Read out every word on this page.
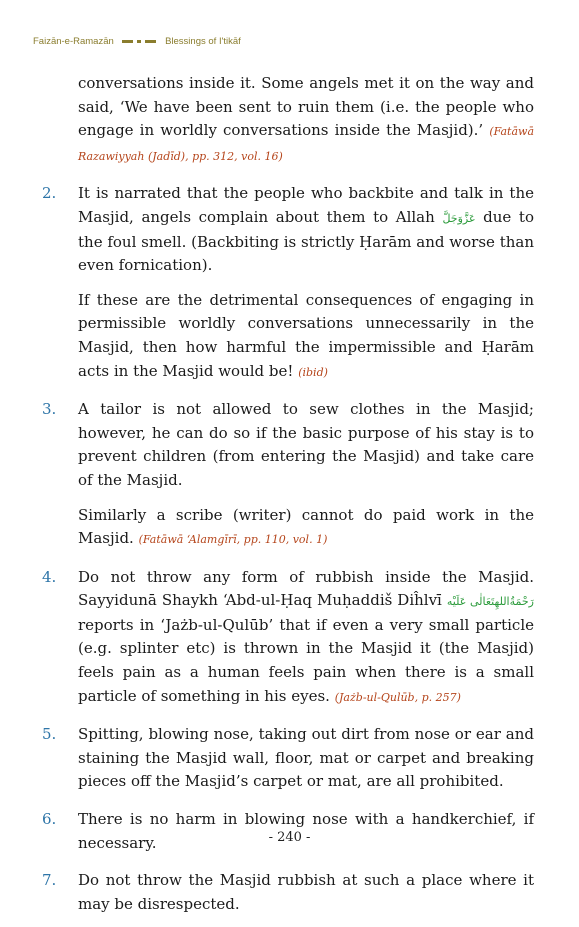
Faizān-e-Ramazān	Blessings of I'tikāf

conversations inside it. Some angels met it on the way and said, ‘We have been sent to ruin them (i.e. the people who engage in worldly conversations inside the Masjid).’ (Fatāwā Razawiyyah (Jadīd), pp. 312, vol. 16)

2. It is narrated that the people who backbite and talk in the Masjid, angels complain about them to Allah عَزَّوَجَلَّ due to the foul smell. (Backbiting is strictly Ḥarām and worse than even fornication).

If these are the detrimental consequences of engaging in permissible worldly conversations unnecessarily in the Masjid, then how harmful the impermissible and Ḥarām acts in the Masjid would be! (ibid)

3. A tailor is not allowed to sew clothes in the Masjid; however, he can do so if the basic purpose of his stay is to prevent children (from entering the Masjid) and take care of the Masjid.

Similarly a scribe (writer) cannot do paid work in the Masjid. (Fatāwā ‘Alamgīrī, pp. 110, vol. 1)

4. Do not throw any form of rubbish inside the Masjid. Sayyidunā Shaykh ‘Abd-ul-Ḥaq Muḥaddiš Diĥlvī رَحْمَةُاللهِتَعَالٰی عَلَيْه reports in ‘Jażb-ul-Qulūb’ that if even a very small particle (e.g. splinter etc) is thrown in the Masjid it (the Masjid) feels pain as a human feels pain when there is a small particle of something in his eyes. (Jażb-ul-Qulūb, p. 257)

5. Spitting, blowing nose, taking out dirt from nose or ear and staining the Masjid wall, floor, mat or carpet and breaking pieces off the Masjid’s carpet or mat, are all prohibited.

6. There is no harm in blowing nose with a handkerchief, if necessary.

7. Do not throw the Masjid rubbish at such a place where it may be disrespected.

- 240 -
